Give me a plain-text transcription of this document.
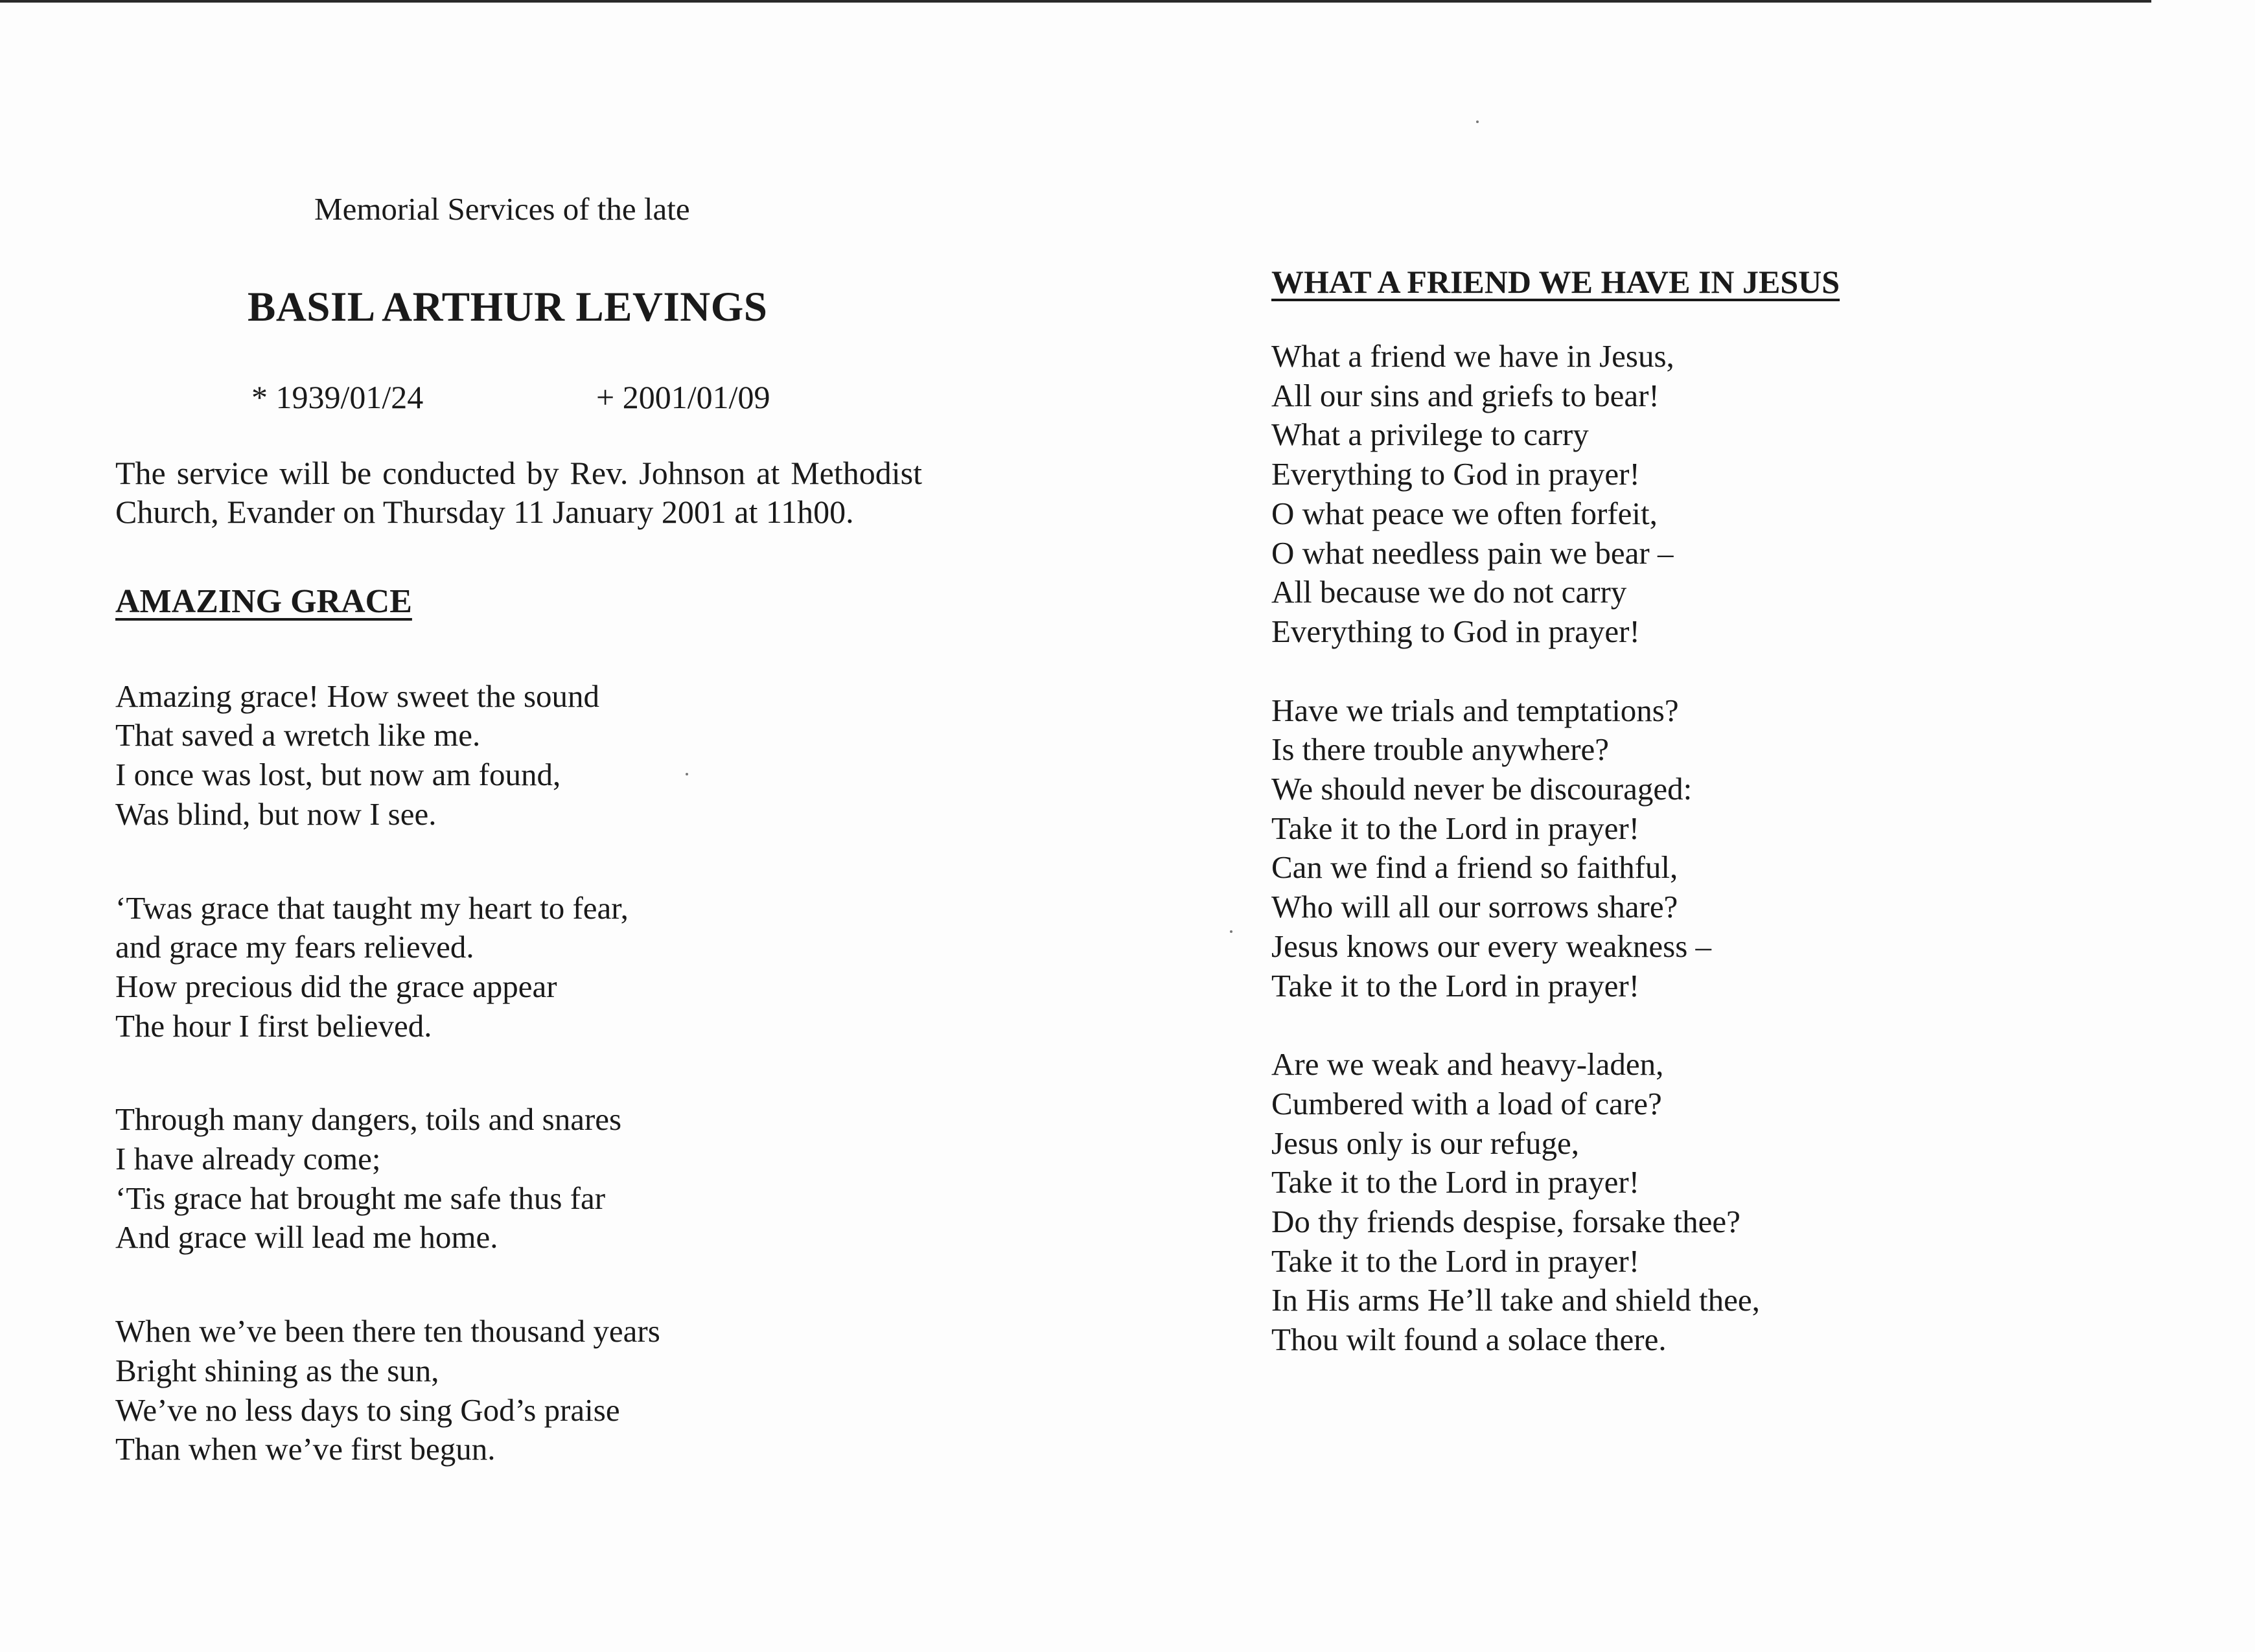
Memorial Services of the late
BASIL ARTHUR LEVINGS
* 1939/01/24	+ 2001/01/09
The service will be conducted by Rev. Johnson at Methodist Church, Evander on Thursday 11 January 2001 at 11h00.
AMAZING GRACE
Amazing grace! How sweet the sound
That saved a wretch like me.
I once was lost, but now am found,
Was blind, but now I see.
‘Twas grace that taught my heart to fear,
and grace my fears relieved.
How precious did the grace appear
The hour I first believed.
Through many dangers, toils and snares
I have already come;
‘Tis grace hat brought me safe thus far
And grace will lead me home.
When we’ve been there ten thousand years
Bright shining as the sun,
We’ve no less days to sing God’s praise
Than when we’ve first begun.
WHAT A FRIEND WE HAVE IN JESUS
What a friend we have in Jesus,
All our sins and griefs to bear!
What a privilege to carry
Everything to God in prayer!
O what peace we often forfeit,
O what needless pain we bear –
All because we do not carry
Everything to God in prayer!
Have we trials and temptations?
Is there trouble anywhere?
We should never be discouraged:
Take it to the Lord in prayer!
Can we find a friend so faithful,
Who will all our sorrows share?
Jesus knows our every weakness –
Take it to the Lord in prayer!
Are we weak and heavy-laden,
Cumbered with a load of care?
Jesus only is our refuge,
Take it to the Lord in prayer!
Do thy friends despise, forsake thee?
Take it to the Lord in prayer!
In His arms He’ll take and shield thee,
Thou wilt found a solace there.
